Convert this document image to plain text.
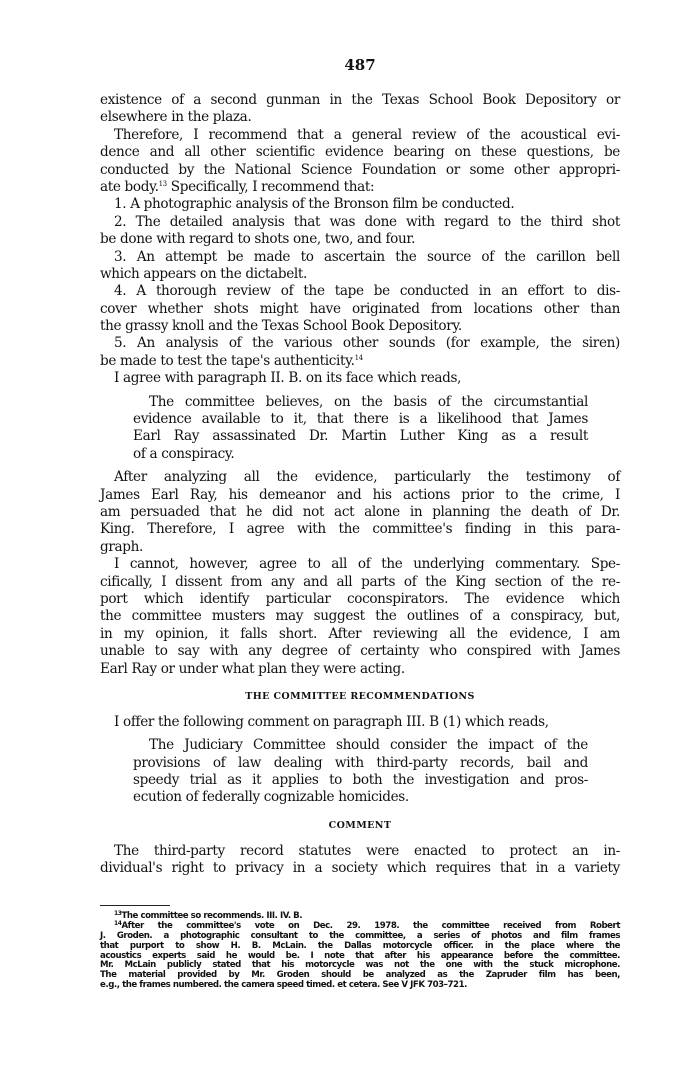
487
existence of a second gunman in the Texas School Book Depository or
elsewhere in the plaza.
Therefore, I recommend that a general review of the acoustical evi-
dence and all other scientific evidence bearing on these questions, be
conducted by the National Science Foundation or some other appropri-
ate body.$^{13}$ Specifically, I recommend that:
1. A photographic analysis of the Bronson film be conducted.
2. The detailed analysis that was done with regard to the third shot
be done with regard to shots one, two, and four.
3. An attempt be made to ascertain the source of the carillon bell
which appears on the dictabelt.
4. A thorough review of the tape be conducted in an effort to dis-
cover whether shots might have originated from locations other than
the grassy knoll and the Texas School Book Depository.
5. An analysis of the various other sounds (for example, the siren)
be made to test the tape's authenticity.$^{14}$
I agree with paragraph II. B. on its face which reads,
The committee believes, on the basis of the circumstantial
evidence available to it, that there is a likelihood that James
Earl Ray assassinated Dr. Martin Luther King as a result
of a conspiracy.
After analyzing all the evidence, particularly the testimony of
James Earl Ray, his demeanor and his actions prior to the crime, I
am persuaded that he did not act alone in planning the death of Dr.
King. Therefore, I agree with the committee's finding in this para-
graph.
I cannot, however, agree to all of the underlying commentary. Spe-
cifically, I dissent from any and all parts of the King section of the re-
port which identify particular coconspirators. The evidence which
the committee musters may suggest the outlines of a conspiracy, but,
in my opinion, it falls short. After reviewing all the evidence, I am
unable to say with any degree of certainty who conspired with James
Earl Ray or under what plan they were acting.
THE COMMITTEE RECOMMENDATIONS
I offer the following comment on paragraph III. B (1) which reads,
The Judiciary Committee should consider the impact of the
provisions of law dealing with third-party records, bail and
speedy trial as it applies to both the investigation and pros-
ecution of federally cognizable homicides.
COMMENT
The third-party record statutes were enacted to protect an in-
dividual's right to privacy in a society which requires that in a variety
$^{13}$The committee so recommends. III. IV. B.
$^{14}$After the committee's vote on Dec. 29. 1978. the committee received from Robert
J. Groden. a photographic consultant to the committee, a series of photos and film frames
that purport to show H. B. McLain. the Dallas motorcycle officer. in the place where the
acoustics experts said he would be. I note that after his appearance before the committee.
Mr. McLain publicly stated that his motorcycle was not the one with the stuck microphone.
The material provided by Mr. Groden should be analyzed as the Zapruder film has been,
e.g., the frames numbered. the camera speed timed. et cetera. See V JFK 703–721.
